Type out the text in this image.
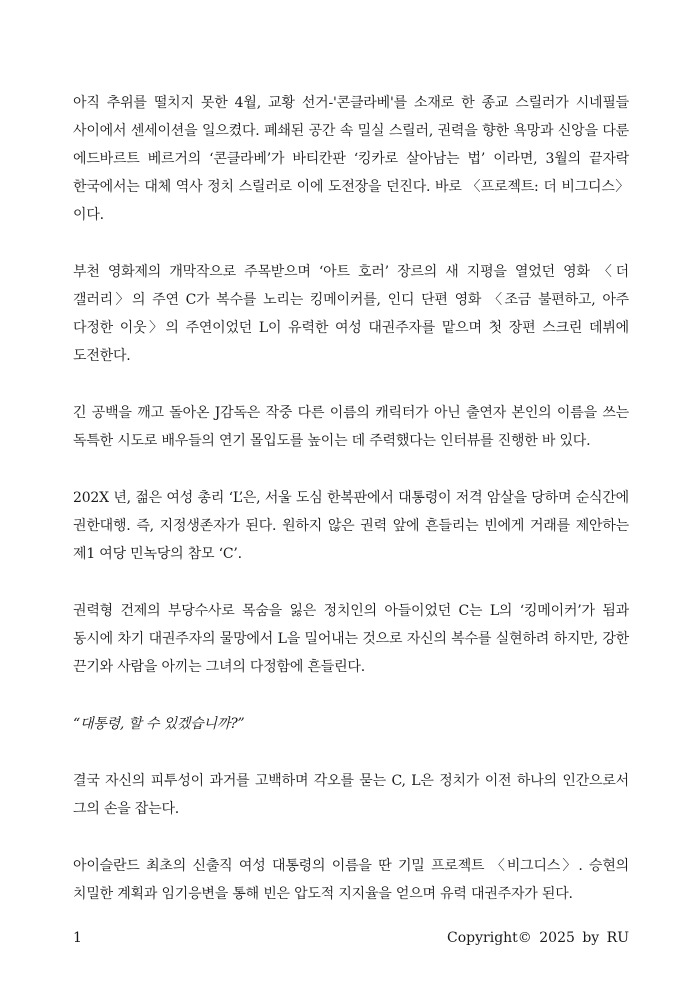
아직 추위를 떨치지 못한 4월, 교황 선거-'콘클라베'를 소재로 한 종교 스릴러가 시네필들 사이에서 센세이션을 일으켰다. 폐쇄된 공간 속 밀실 스릴러, 권력을 향한 욕망과 신앙을 다룬 에드바르트 베르거의 ‘콘클라베’가 바티칸판 ‘킹카로 살아남는 법’ 이라면, 3월의 끝자락 한국에서는 대체 역사 정치 스릴러로 이에 도전장을 던진다. 바로 〈프로젝트: 더 비그디스〉이다.

부천 영화제의 개막작으로 주목받으며 ‘아트 호러’ 장르의 새 지평을 열었던 영화 〈더 갤러리〉의 주연 C가 복수를 노리는 킹메이커를, 인디 단편 영화 〈조금 불편하고, 아주 다정한 이웃〉의 주연이었던 L이 유력한 여성 대권주자를 맡으며 첫 장편 스크린 데뷔에 도전한다.

긴 공백을 깨고 돌아온 J감독은 작중 다른 이름의 캐릭터가 아닌 출연자 본인의 이름을 쓰는 독특한 시도로 배우들의 연기 몰입도를 높이는 데 주력했다는 인터뷰를 진행한 바 있다.

202X 년, 젊은 여성 총리 ‘L’은, 서울 도심 한복판에서 대통령이 저격 암살을 당하며 순식간에 권한대행. 즉, 지정생존자가 된다. 원하지 않은 권력 앞에 흔들리는 빈에게 거래를 제안하는 제1 여당 민녹당의 참모 ‘C’.

권력형 건제의 부당수사로 목숨을 잃은 정치인의 아들이었던 C는 L의 ‘킹메이커’가 됨과 동시에 차기 대권주자의 물망에서 L을 밀어내는 것으로 자신의 복수를 실현하려 하지만, 강한 끈기와 사람을 아끼는 그녀의 다정함에 흔들린다.

“대통령, 할 수 있겠습니까?”

결국 자신의 피투성이 과거를 고백하며 각오를 묻는 C, L은 정치가 이전 하나의 인간으로서 그의 손을 잡는다.

아이슬란드 최초의 신출직 여성 대통령의 이름을 딴 기밀 프로젝트 〈비그디스〉. 승현의 치밀한 계획과 임기응변을 통해 빈은 압도적 지지율을 얻으며 유력 대권주자가 된다.

1	Copyright© 2025 by RU
